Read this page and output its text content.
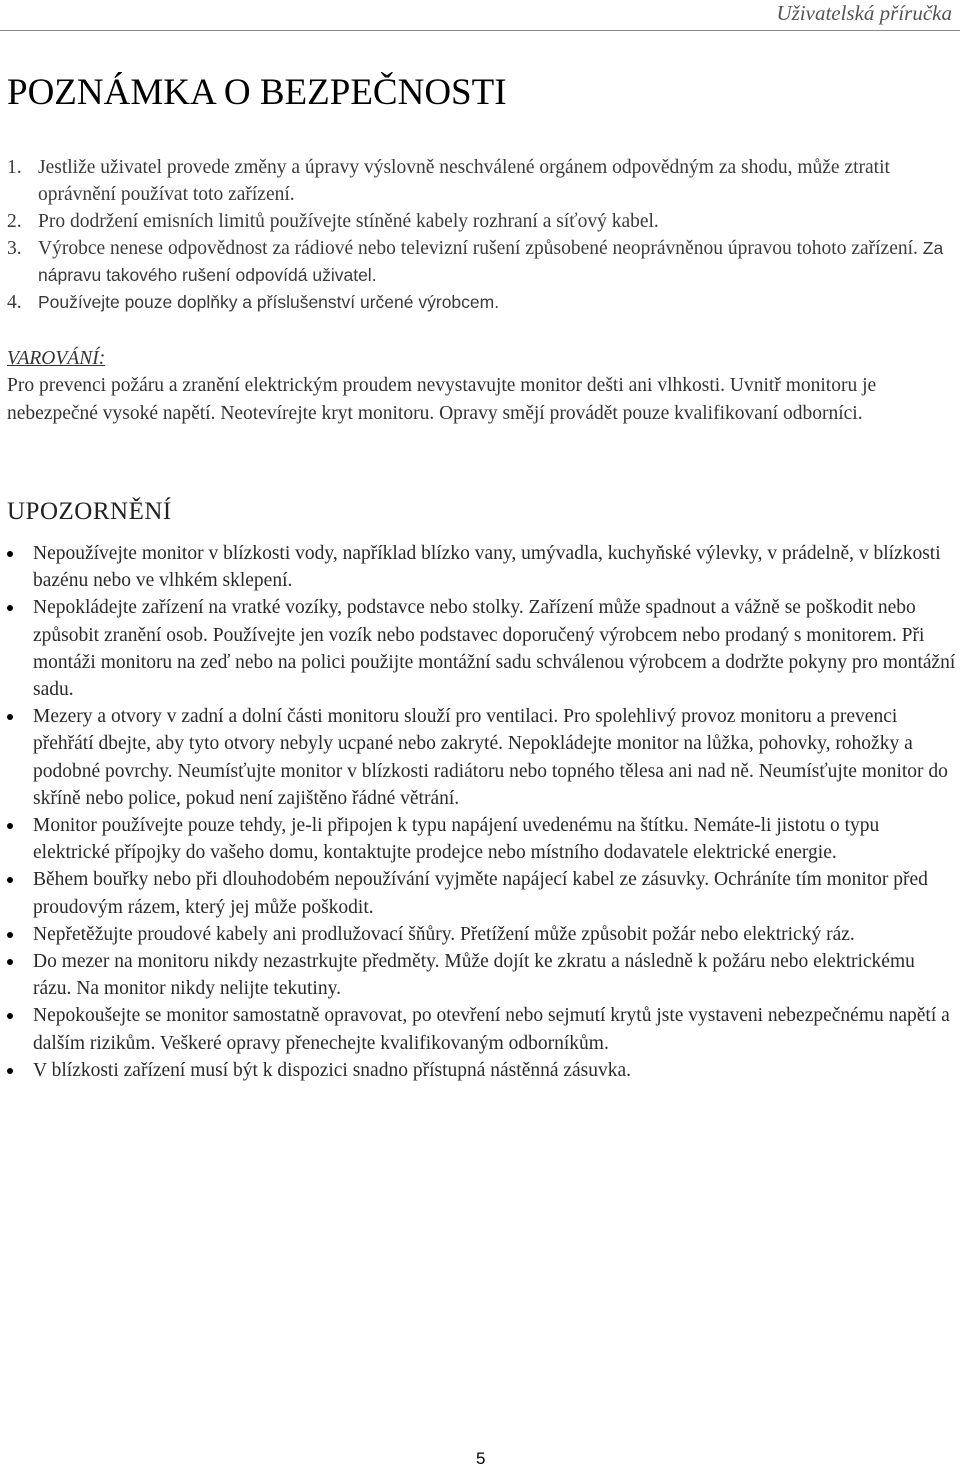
Uživatelská příručka
POZNÁMKA O BEZPEČNOSTI
1. Jestliže uživatel provede změny a úpravy výslovně neschválené orgánem odpovědným za shodu, může ztratit oprávnění používat toto zařízení.
2. Pro dodržení emisních limitů používejte stíněné kabely rozhraní a síťový kabel.
3. Výrobce nenese odpovědnost za rádiové nebo televizní rušení způsobené neoprávněnou úpravou tohoto zařízení. Za nápravu takového rušení odpovídá uživatel.
4. Používejte pouze doplňky a příslušenství určené výrobcem.
VAROVÁNÍ:

Pro prevenci požáru a zranění elektrickým proudem nevystavujte monitor dešti ani vlhkosti. Uvnitř monitoru je nebezpečné vysoké napětí. Neotevírejte kryt monitoru. Opravy smějí provádět pouze kvalifikovaní odborníci.

UPOZORNĚNÍ
Nepoužívejte monitor v blízkosti vody, například blízko vany, umývadla, kuchyňské výlevky, v prádelně, v blízkosti bazénu nebo ve vlhkém sklepení.
Nepokládejte zařízení na vratké vozíky, podstavce nebo stolky. Zařízení může spadnout a vážně se poškodit nebo způsobit zranění osob. Používejte jen vozík nebo podstavec doporučený výrobcem nebo prodaný s monitorem. Při montáži monitoru na zeď nebo na polici použijte montážní sadu schválenou výrobcem a dodržte pokyny pro montážní sadu.
Mezery a otvory v zadní a dolní části monitoru slouží pro ventilaci. Pro spolehlivý provoz monitoru a prevenci přehřátí dbejte, aby tyto otvory nebyly ucpané nebo zakryté. Nepokládejte monitor na lůžka, pohovky, rohožky a podobné povrchy. Neumísťujte monitor v blízkosti radiátoru nebo topného tělesa ani nad ně. Neumísťujte monitor do skříně nebo police, pokud není zajištěno řádné větrání.
Monitor používejte pouze tehdy, je-li připojen k typu napájení uvedenému na štítku. Nemáte-li jistotu o typu elektrické přípojky do vašeho domu, kontaktujte prodejce nebo místního dodavatele elektrické energie.
Během bouřky nebo při dlouhodobém nepoužívání vyjměte napájecí kabel ze zásuvky. Ochráníte tím monitor před proudovým rázem, který jej může poškodit.
Nepřetěžujte proudové kabely ani prodlužovací šňůry. Přetížení může způsobit požár nebo elektrický ráz.
Do mezer na monitoru nikdy nezastrkujte předměty. Může dojít ke zkratu a následně k požáru nebo elektrickému rázu. Na monitor nikdy nelijte tekutiny.
Nepokoušejte se monitor samostatně opravovat, po otevření nebo sejmutí krytů jste vystaveni nebezpečnému napětí a dalším rizikům. Veškeré opravy přenechejte kvalifikovaným odborníkům.
V blízkosti zařízení musí být k dispozici snadno přístupná nástěnná zásuvka.
5
